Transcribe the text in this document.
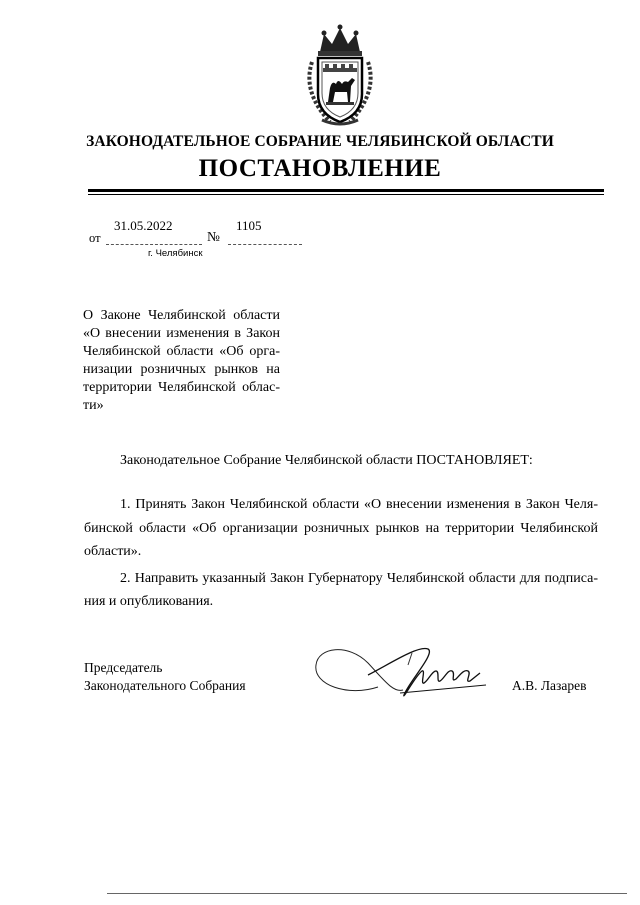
ЗАКОНОДАТЕЛЬНОЕ СОБРАНИЕ ЧЕЛЯБИНСКОЙ ОБЛАСТИ
ПОСТАНОВЛЕНИЕ
31.05.2022	1105
от	№
г. Челябинск
О Законе Челябинской области
«О внесении изменения в Закон
Челябинской области «Об орга-
низации розничных рынков на
территории Челябинской облас-
ти»
Законодательное Собрание Челябинской области ПОСТАНОВЛЯЕТ:
1. Принять Закон Челябинской области «О внесении изменения в Закон Челя-
бинской области «Об организации розничных рынков на территории Челябинской
области».
2. Направить указанный Закон Губернатору Челябинской области для подписа-
ния и опубликования.
Председатель
Законодательного Собрания	А.В. Лазарев
